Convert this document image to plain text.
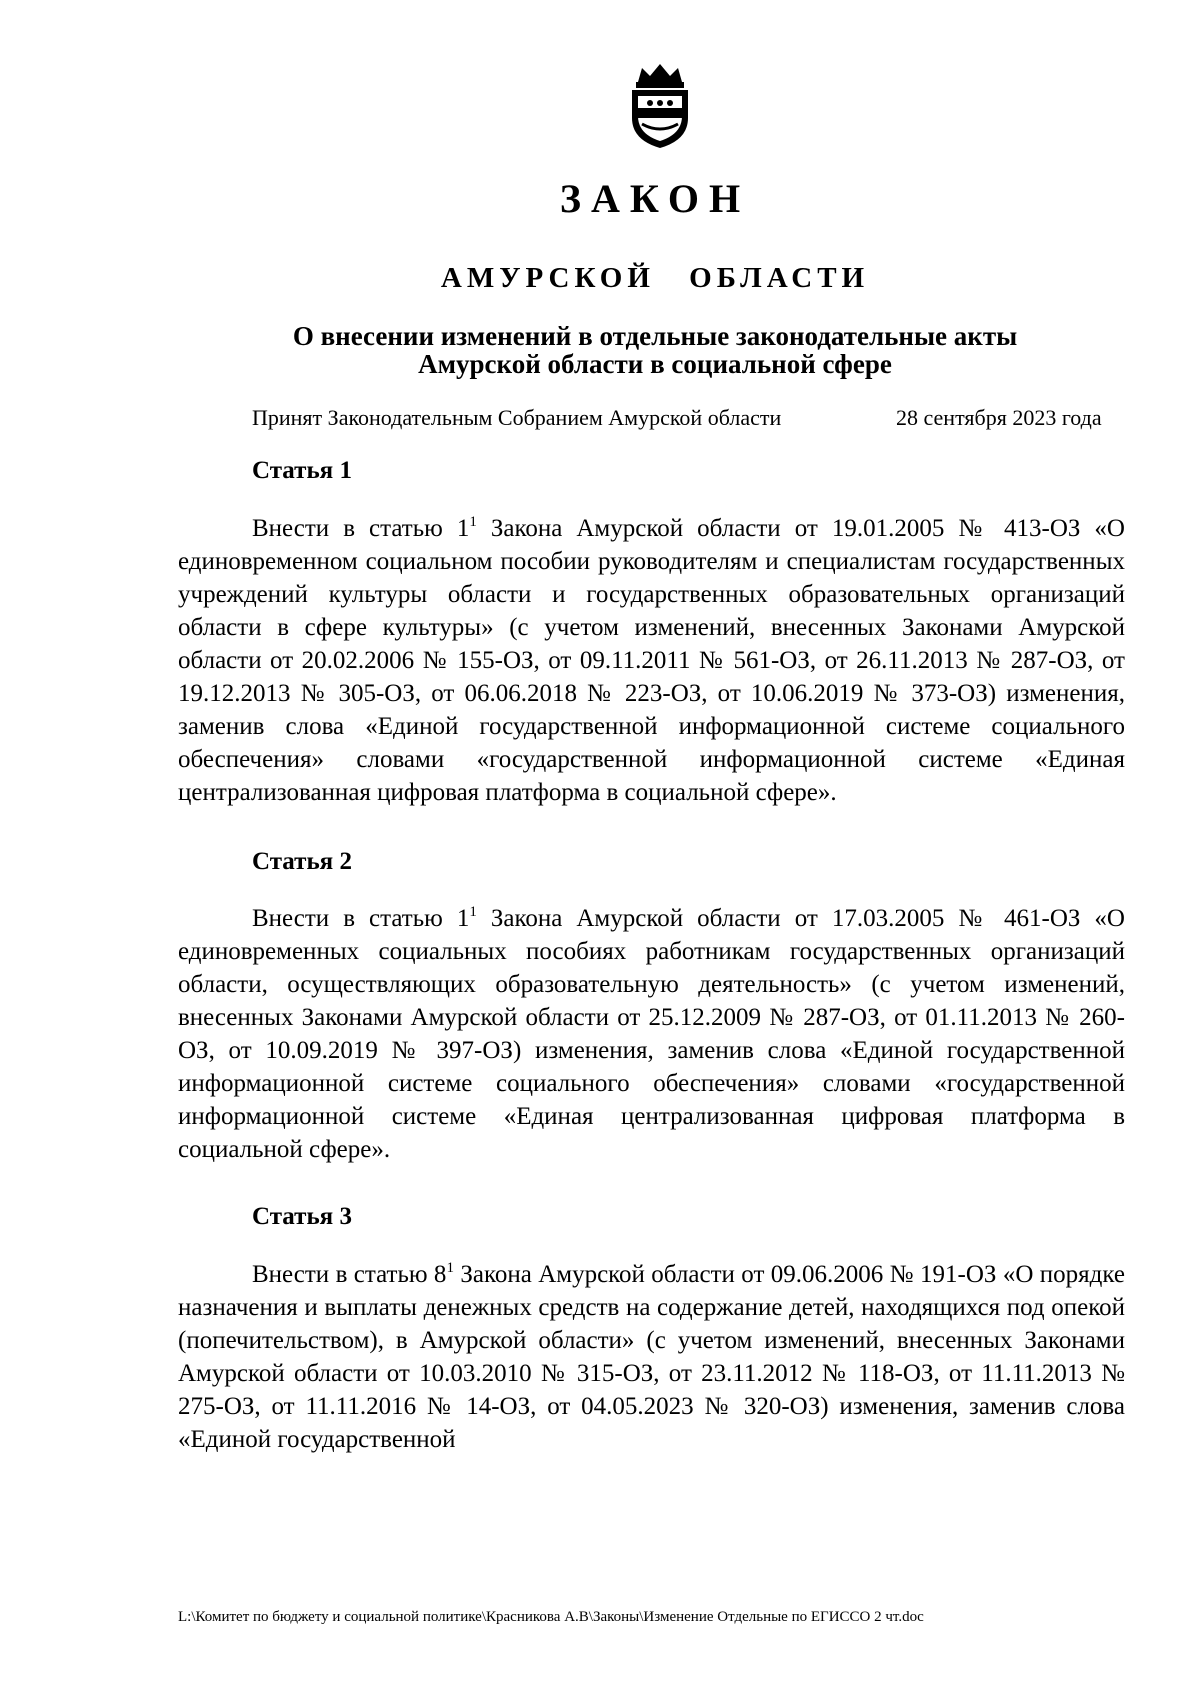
ЗАКОН
АМУРСКОЙ ОБЛАСТИ
О внесении изменений в отдельные законодательные акты
Амурской области в социальной сфере
Принят Законодательным Собранием Амурской области	28 сентября 2023 года
Статья 1

Внести в статью $1^1$ Закона Амурской области от 19.01.2005 № 413-ОЗ «О единовременном социальном пособии руководителям и специалистам государственных учреждений культуры области и государственных образовательных организаций области в сфере культуры» (с учетом изменений, внесенных Законами Амурской области от 20.02.2006 № 155-ОЗ, от 09.11.2011 № 561-ОЗ, от 26.11.2013 № 287-ОЗ, от 19.12.2013 № 305-ОЗ, от 06.06.2018 № 223-ОЗ, от 10.06.2019 № 373-ОЗ) изменения, заменив слова «Единой государственной информационной системе социального обеспечения» словами «государственной информационной системе «Единая централизованная цифровая платформа в социальной сфере».

Статья 2

Внести в статью $1^1$ Закона Амурской области от 17.03.2005 № 461-ОЗ «О единовременных социальных пособиях работникам государственных организаций области, осуществляющих образовательную деятельность» (с учетом изменений, внесенных Законами Амурской области от 25.12.2009 № 287-ОЗ, от 01.11.2013 № 260-ОЗ, от 10.09.2019 № 397-ОЗ) изменения, заменив слова «Единой государственной информационной системе социального обеспечения» словами «государственной информационной системе «Единая централизованная цифровая платформа в социальной сфере».

Статья 3

Внести в статью $8^1$ Закона Амурской области от 09.06.2006 № 191-ОЗ «О порядке назначения и выплаты денежных средств на содержание детей, находящихся под опекой (попечительством), в Амурской области» (с учетом изменений, внесенных Законами Амурской области от 10.03.2010 № 315-ОЗ, от 23.11.2012 № 118-ОЗ, от 11.11.2013 № 275-ОЗ, от 11.11.2016 № 14-ОЗ, от 04.05.2023 № 320-ОЗ) изменения, заменив слова «Единой государственной

L:\Комитет по бюджету и социальной политике\Красникова А.В\Законы\Изменение Отдельные по ЕГИССО 2 чт.doc
